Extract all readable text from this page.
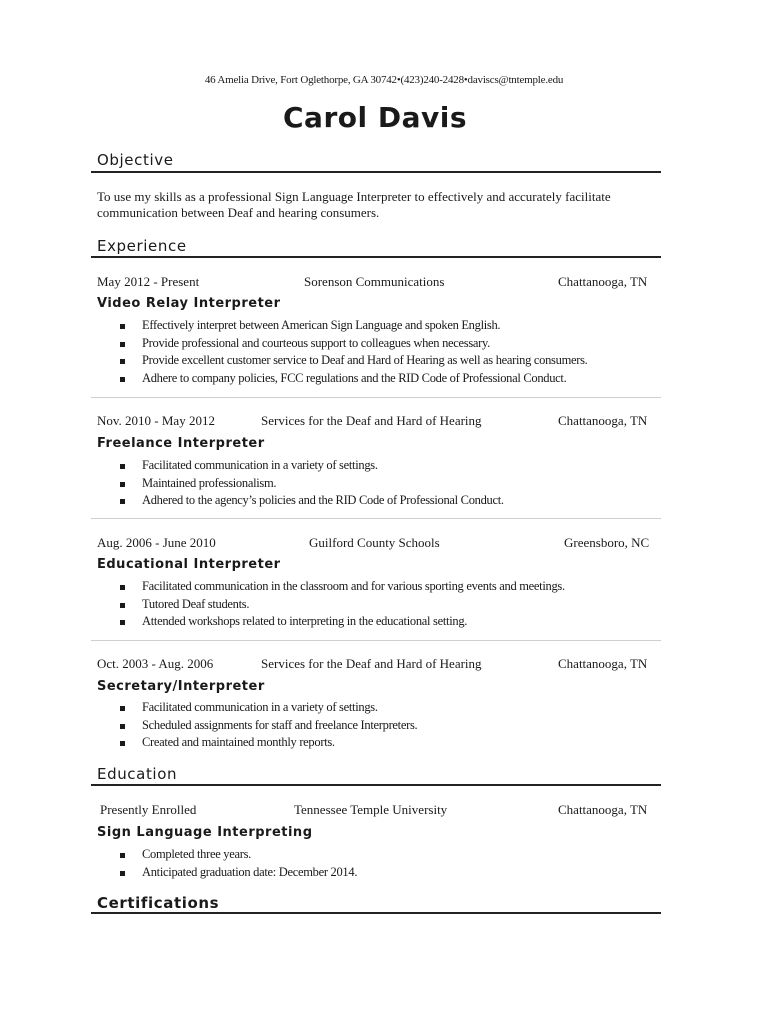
46 Amelia Drive, Fort Oglethorpe, GA 30742•(423)240-2428•daviscs@tntemple.edu
Carol Davis
Objective
To use my skills as a professional Sign Language Interpreter to effectively and accurately facilitate communication between Deaf and hearing consumers.
Experience
May 2012 - Present	Sorenson Communications	Chattanooga, TN
Video Relay Interpreter
Effectively interpret between American Sign Language and spoken English.
Provide professional and courteous support to colleagues when necessary.
Provide excellent customer service to Deaf and Hard of Hearing as well as hearing consumers.
Adhere to company policies, FCC regulations and the RID Code of Professional Conduct.
Nov. 2010 - May 2012	Services for the Deaf and Hard of Hearing	Chattanooga, TN
Freelance Interpreter
Facilitated communication in a variety of settings.
Maintained professionalism.
Adhered to the agency’s policies and the RID Code of Professional Conduct.
Aug. 2006 - June 2010	Guilford County Schools	Greensboro, NC
Educational Interpreter
Facilitated communication in the classroom and for various sporting events and meetings.
Tutored Deaf students.
Attended workshops related to interpreting in the educational setting.
Oct. 2003 - Aug. 2006	Services for the Deaf and Hard of Hearing	Chattanooga, TN
Secretary/Interpreter
Facilitated communication in a variety of settings.
Scheduled assignments for staff and freelance Interpreters.
Created and maintained monthly reports.
Education
Presently Enrolled	Tennessee Temple University	Chattanooga, TN
Sign Language Interpreting
Completed three years.
Anticipated graduation date: December 2014.
Certifications
